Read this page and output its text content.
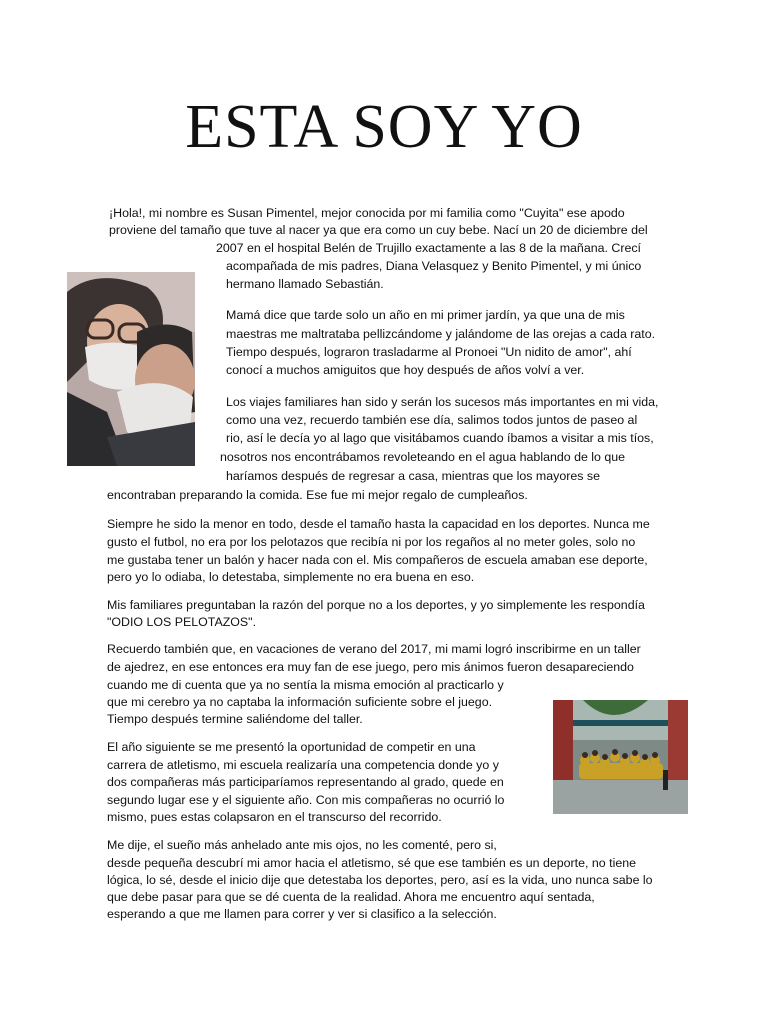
ESTA SOY YO

¡Hola!, mi nombre es Susan Pimentel, mejor conocida por mi familia como "Cuyita" ese apodo

proviene del tamaño que tuve al nacer ya que era como un cuy bebe. Nací un 20 de diciembre del

2007 en el hospital Belén de Trujillo exactamente a las 8 de la mañana. Crecí

acompañada de mis padres, Diana Velasquez y Benito Pimentel, y mi único

hermano llamado Sebastián.

Mamá dice que tarde solo un año en mi primer jardín, ya que una de mis

maestras me maltrataba pellizcándome y jalándome de las orejas a cada rato.

Tiempo después, lograron trasladarme al Pronoei "Un nidito de amor", ahí

conocí a muchos amiguitos que hoy después de años volví a ver.

Los viajes familiares han sido y serán los sucesos más importantes en mi vida,

como una vez, recuerdo también ese día, salimos todos juntos de paseo al

rio, así le decía yo al lago que visitábamos cuando íbamos a visitar a mis tíos,

nosotros nos encontrábamos revoleteando en el agua hablando de lo que

haríamos después de regresar a casa, mientras que los mayores se

encontraban preparando la comida. Ese fue mi mejor regalo de cumpleaños.

Siempre he sido la menor en todo, desde el tamaño hasta la capacidad en los deportes. Nunca me

gusto el futbol, no era por los pelotazos que recibía ni por los regaños al no meter goles, solo no

me gustaba tener un balón y hacer nada con el. Mis compañeros de escuela amaban ese deporte,

pero yo lo odiaba, lo detestaba, simplemente no era buena en eso.

Mis familiares preguntaban la razón del porque no a los deportes, y yo simplemente les respondía

"ODIO LOS PELOTAZOS".

Recuerdo también que, en vacaciones de verano del 2017, mi mami logró inscribirme en un taller

de ajedrez, en ese entonces era muy fan de ese juego, pero mis ánimos fueron desapareciendo

cuando me di cuenta que ya no sentía la misma emoción al practicarlo y

que mi cerebro ya no captaba la información suficiente sobre el juego.

Tiempo después termine saliéndome del taller.

El año siguiente se me presentó la oportunidad de competir en una

carrera de atletismo, mi escuela realizaría una competencia donde yo y

dos compañeras más participaríamos representando al grado, quede en

segundo lugar ese y el siguiente año. Con mis compañeras no ocurrió lo

mismo, pues estas colapsaron en el transcurso del recorrido.

Me dije, el sueño más anhelado ante mis ojos, no les comenté, pero si,

desde pequeña descubrí mi amor hacia el atletismo, sé que ese también es un deporte, no tiene

lógica, lo sé, desde el inicio dije que detestaba los deportes, pero, así es la vida, uno nunca sabe lo

que debe pasar para que se dé cuenta de la realidad. Ahora me encuentro aquí sentada,

esperando a que me llamen para correr y ver si clasifico a la selección.
